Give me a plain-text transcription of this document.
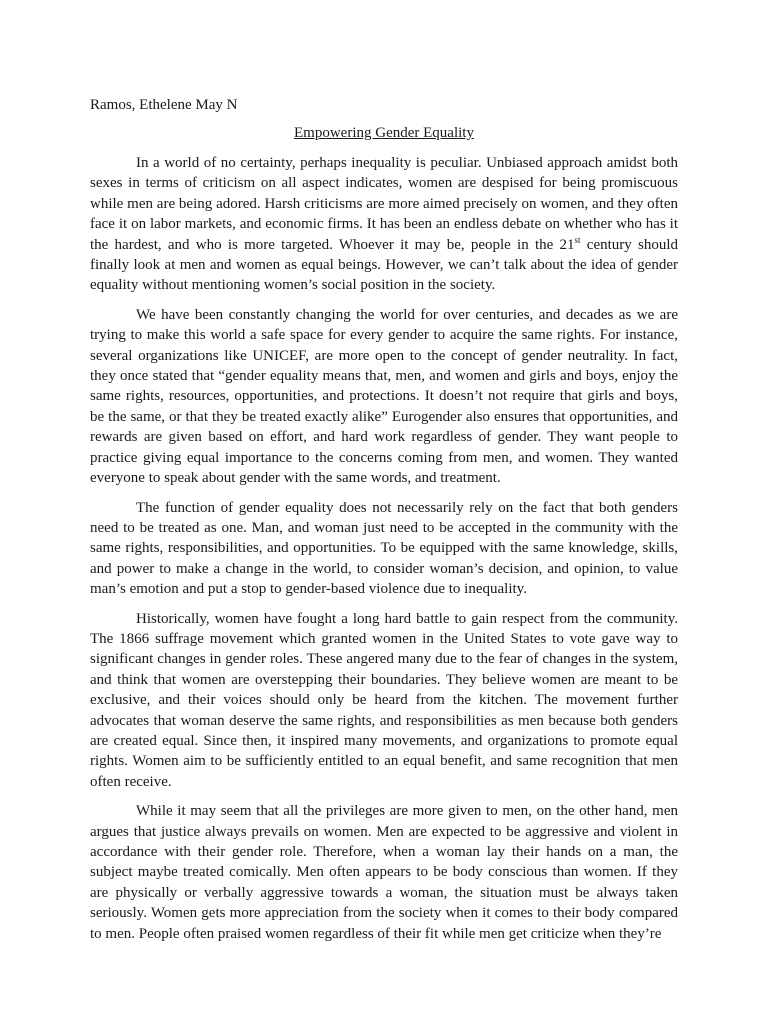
Ramos, Ethelene May N
Empowering Gender Equality

In a world of no certainty, perhaps inequality is peculiar. Unbiased approach amidst both sexes in terms of criticism on all aspect indicates, women are despised for being promiscuous while men are being adored. Harsh criticisms are more aimed precisely on women, and they often face it on labor markets, and economic firms. It has been an endless debate on whether who has it the hardest, and who is more targeted. Whoever it may be, people in the 21st century should finally look at men and women as equal beings. However, we can’t talk about the idea of gender equality without mentioning women’s social position in the society.

We have been constantly changing the world for over centuries, and decades as we are trying to make this world a safe space for every gender to acquire the same rights. For instance, several organizations like UNICEF, are more open to the concept of gender neutrality. In fact, they once stated that “gender equality means that, men, and women and girls and boys, enjoy the same rights, resources, opportunities, and protections. It doesn’t not require that girls and boys, be the same, or that they be treated exactly alike” Eurogender also ensures that opportunities, and rewards are given based on effort, and hard work regardless of gender. They want people to practice giving equal importance to the concerns coming from men, and women. They wanted everyone to speak about gender with the same words, and treatment.

The function of gender equality does not necessarily rely on the fact that both genders need to be treated as one. Man, and woman just need to be accepted in the community with the same rights, responsibilities, and opportunities. To be equipped with the same knowledge, skills, and power to make a change in the world, to consider woman’s decision, and opinion, to value man’s emotion and put a stop to gender-based violence due to inequality.

Historically, women have fought a long hard battle to gain respect from the community. The 1866 suffrage movement which granted women in the United States to vote gave way to significant changes in gender roles. These angered many due to the fear of changes in the system, and think that women are overstepping their boundaries. They believe women are meant to be exclusive, and their voices should only be heard from the kitchen. The movement further advocates that woman deserve the same rights, and responsibilities as men because both genders are created equal. Since then, it inspired many movements, and organizations to promote equal rights. Women aim to be sufficiently entitled to an equal benefit, and same recognition that men often receive.

While it may seem that all the privileges are more given to men, on the other hand, men argues that justice always prevails on women. Men are expected to be aggressive and violent in accordance with their gender role. Therefore, when a woman lay their hands on a man, the subject maybe treated comically. Men often appears to be body conscious than women. If they are physically or verbally aggressive towards a woman, the situation must be always taken seriously. Women gets more appreciation from the society when it comes to their body compared to men. People often praised women regardless of their fit while men get criticize when they’re
